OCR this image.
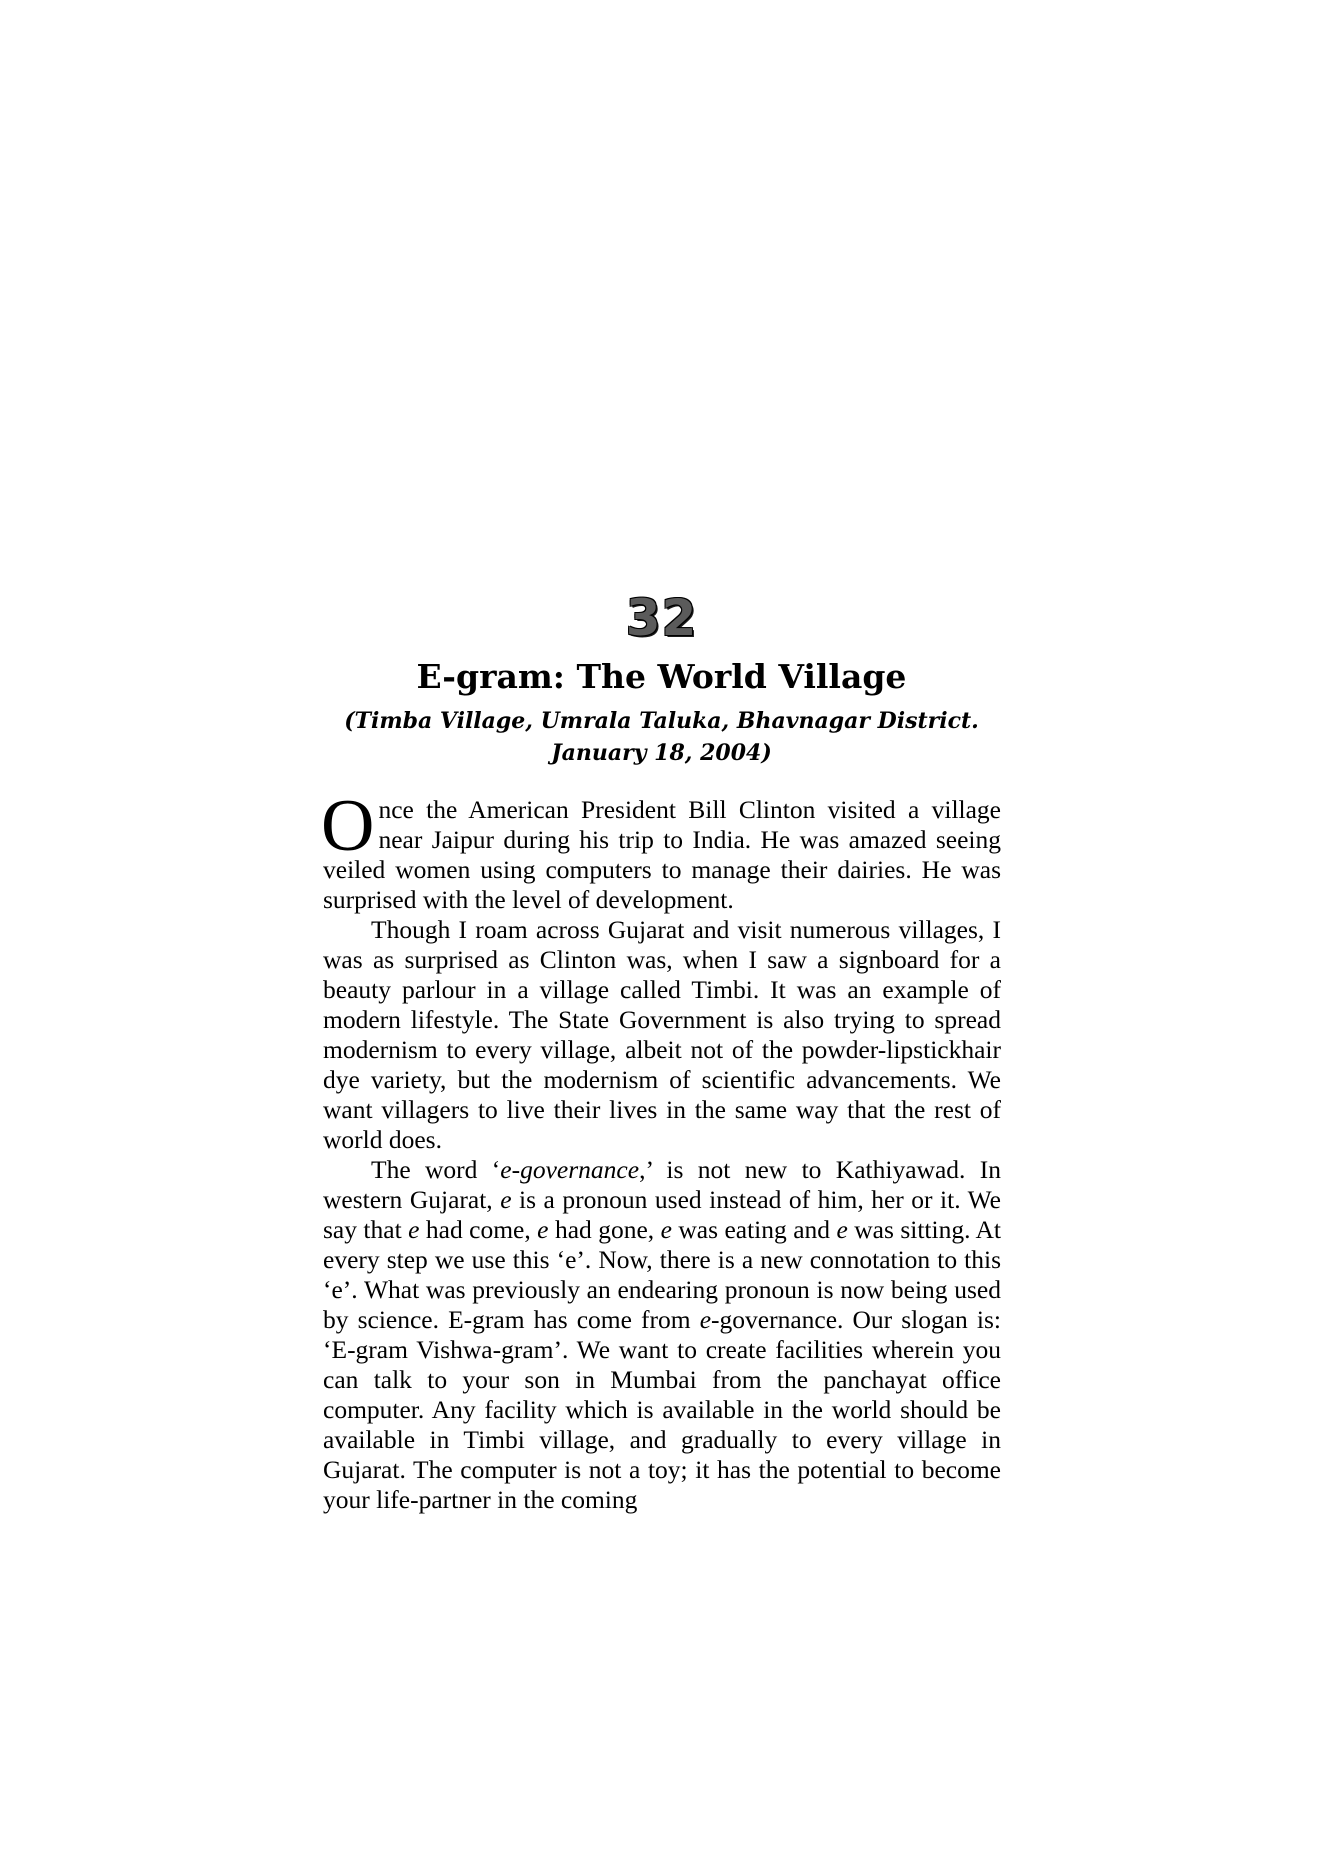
32
E-gram: The World Village
(Timba Village, Umrala Taluka, Bhavnagar District.
January 18, 2004)

Once the American President Bill Clinton visited a village near Jaipur during his trip to India. He was amazed seeing veiled women using computers to manage their dairies. He was surprised with the level of development.

Though I roam across Gujarat and visit numerous villages, I was as surprised as Clinton was, when I saw a signboard for a beauty parlour in a village called Timbi. It was an example of modern lifestyle. The State Government is also trying to spread modernism to every village, albeit not of the powder-lipstickhair dye variety, but the modernism of scientific advancements. We want villagers to live their lives in the same way that the rest of world does.

The word ‘e-governance,’ is not new to Kathiyawad. In western Gujarat, e is a pronoun used instead of him, her or it. We say that e had come, e had gone, e was eating and e was sitting. At every step we use this ‘e’. Now, there is a new connotation to this ‘e’. What was previously an endearing pronoun is now being used by science. E-gram has come from e-governance. Our slogan is: ‘E-gram Vishwa-gram’. We want to create facilities wherein you can talk to your son in Mumbai from the panchayat office computer. Any facility which is available in the world should be available in Timbi village, and gradually to every village in Gujarat. The computer is not a toy; it has the potential to become your life-partner in the coming
